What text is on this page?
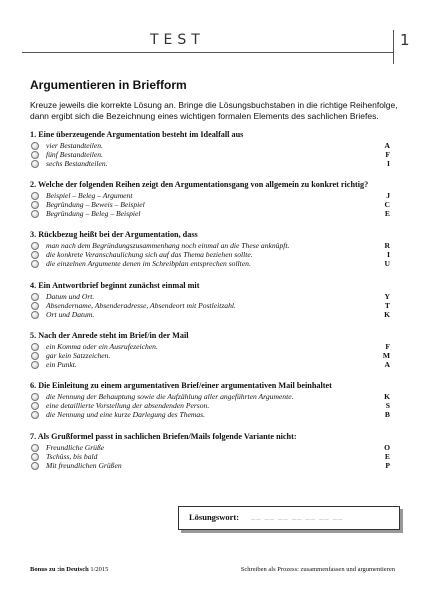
TEST	1
Argumentieren in Briefform
Kreuze jeweils die korrekte Lösung an. Bringe die Lösungsbuchstaben in die richtige Reihenfolge,
dann ergibt sich die Bezeichnung eines wichtigen formalen Elements des sachlichen Briefes.
1. Eine überzeugende Argumentation besteht im Idealfall aus
vier Bestandteilen.	A
fünf Bestandteilen.	F
sechs Bestandteilen.	I
2. Welche der folgenden Reihen zeigt den Argumentationsgang von allgemein zu konkret richtig?
Beispiel – Beleg – Argument	J
Begründung – Beweis – Beispiel	C
Begründung – Beleg – Beispiel	E
3. Rückbezug heißt bei der Argumentation, dass
man nach dem Begründungszusammenhang noch einmal an die These anknüpft.	R
die konkrete Veranschaulichung sich auf das Thema beziehen sollte.	I
die einzelnen Argumente denen im Schreibplan entsprechen sollten.	U
4. Ein Antwortbrief beginnt zunächst einmal mit
Datum und Ort.	Y
Absendername, Absenderadresse, Absendeort mit Postleitzahl.	T
Ort und Datum.	K
5. Nach der Anrede steht im Brief/in der Mail
ein Komma oder ein Ausrufezeichen.	F
gar kein Satzzeichen.	M
ein Punkt.	A
6. Die Einleitung zu einem argumentativen Brief/einer argumentativen Mail beinhaltet
die Nennung der Behauptung sowie die Aufzählung aller angeführten Argumente.	K
eine detaillierte Vorstellung der absendenden Person.	S
die Nennung und eine kurze Darlegung des Themas.	B
7. Als Grußformel passt in sachlichen Briefen/Mails folgende Variante nicht:
Freundliche Grüße	O
Tschüss, bis bald	E
Mit freundlichen Grüßen	P
Lösungswort: __ __ __ __ __ __ __
Bonus zu :in Deutsch 1/2015	Schreiben als Prozess: zusammenfassen und argumentieren
